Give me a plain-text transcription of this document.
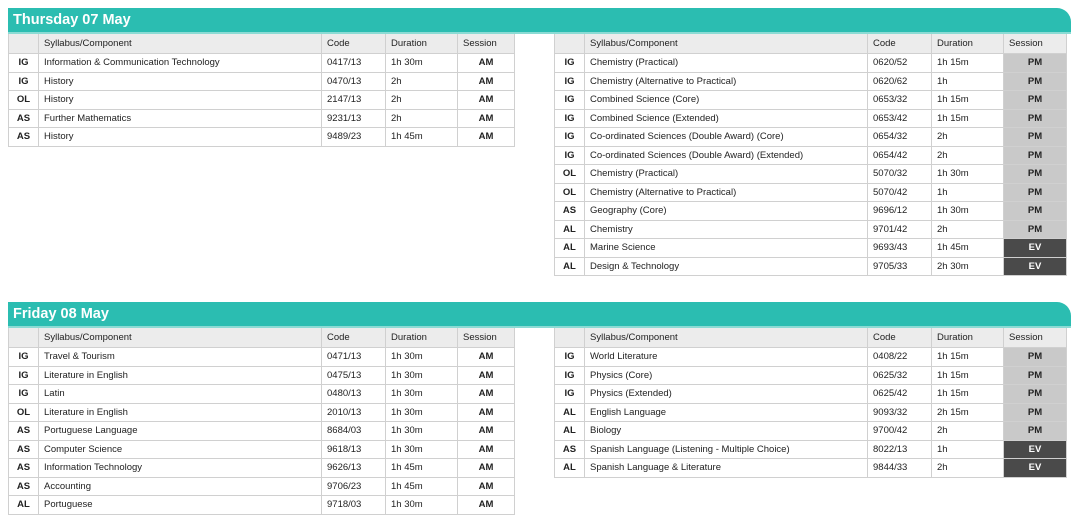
Thursday 07 May
	Syllabus/Component	Code	Duration	Session
IG	Information & Communication Technology	0417/13	1h 30m	AM
IG	History	0470/13	2h	AM
OL	History	2147/13	2h	AM
AS	Further Mathematics	9231/13	2h	AM
AS	History	9489/23	1h 45m	AM
	Syllabus/Component	Code	Duration	Session
IG	Chemistry (Practical)	0620/52	1h 15m	PM
IG	Chemistry (Alternative to Practical)	0620/62	1h	PM
IG	Combined Science (Core)	0653/32	1h 15m	PM
IG	Combined Science (Extended)	0653/42	1h 15m	PM
IG	Co-ordinated Sciences (Double Award) (Core)	0654/32	2h	PM
IG	Co-ordinated Sciences (Double Award) (Extended)	0654/42	2h	PM
OL	Chemistry (Practical)	5070/32	1h 30m	PM
OL	Chemistry (Alternative to Practical)	5070/42	1h	PM
AS	Geography (Core)	9696/12	1h 30m	PM
AL	Chemistry	9701/42	2h	PM
AL	Marine Science	9693/43	1h 45m	EV
AL	Design & Technology	9705/33	2h 30m	EV
Friday 08 May
	Syllabus/Component	Code	Duration	Session
IG	Travel & Tourism	0471/13	1h 30m	AM
IG	Literature in English	0475/13	1h 30m	AM
IG	Latin	0480/13	1h 30m	AM
OL	Literature in English	2010/13	1h 30m	AM
AS	Portuguese Language	8684/03	1h 30m	AM
AS	Computer Science	9618/13	1h 30m	AM
AS	Information Technology	9626/13	1h 45m	AM
AS	Accounting	9706/23	1h 45m	AM
AL	Portuguese	9718/03	1h 30m	AM
	Syllabus/Component	Code	Duration	Session
IG	World Literature	0408/22	1h 15m	PM
IG	Physics (Core)	0625/32	1h 15m	PM
IG	Physics (Extended)	0625/42	1h 15m	PM
AL	English Language	9093/32	2h 15m	PM
AL	Biology	9700/42	2h	PM
AS	Spanish Language (Listening - Multiple Choice)	8022/13	1h	EV
AL	Spanish Language & Literature	9844/33	2h	EV
